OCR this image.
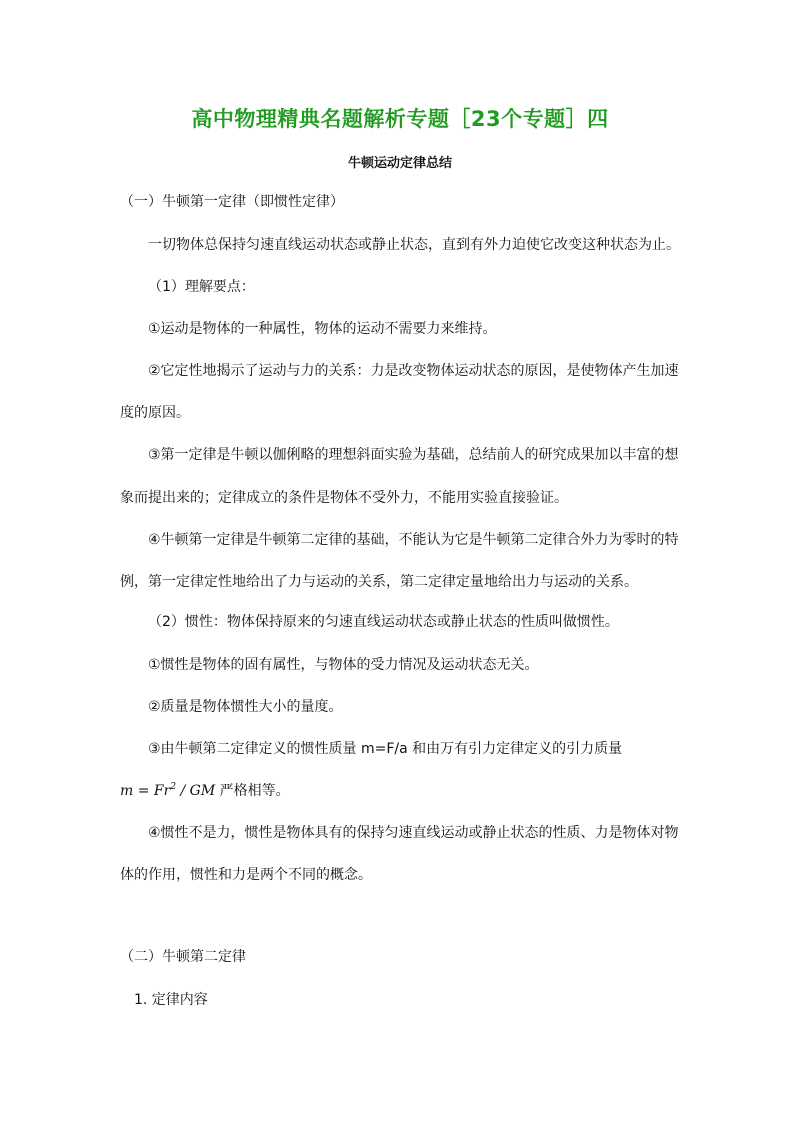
高中物理精典名题解析专题［23个专题］四
牛顿运动定律总结
（一）牛顿第一定律（即惯性定律）
一切物体总保持匀速直线运动状态或静止状态，直到有外力迫使它改变这种状态为止。
（1）理解要点：
①运动是物体的一种属性，物体的运动不需要力来维持。
②它定性地揭示了运动与力的关系：力是改变物体运动状态的原因，是使物体产生加速
度的原因。
③第一定律是牛顿以伽俐略的理想斜面实验为基础，总结前人的研究成果加以丰富的想
象而提出来的；定律成立的条件是物体不受外力，不能用实验直接验证。
④牛顿第一定律是牛顿第二定律的基础，不能认为它是牛顿第二定律合外力为零时的特
例，第一定律定性地给出了力与运动的关系，第二定律定量地给出力与运动的关系。
（2）惯性：物体保持原来的匀速直线运动状态或静止状态的性质叫做惯性。
①惯性是物体的固有属性，与物体的受力情况及运动状态无关。
②质量是物体惯性大小的量度。
③由牛顿第二定律定义的惯性质量 m=F/a 和由万有引力定律定义的引力质量
$m = Fr^2$ / GM 严格相等。
④惯性不是力，惯性是物体具有的保持匀速直线运动或静止状态的性质、力是物体对物
体的作用，惯性和力是两个不同的概念。
（二）牛顿第二定律
1. 定律内容
